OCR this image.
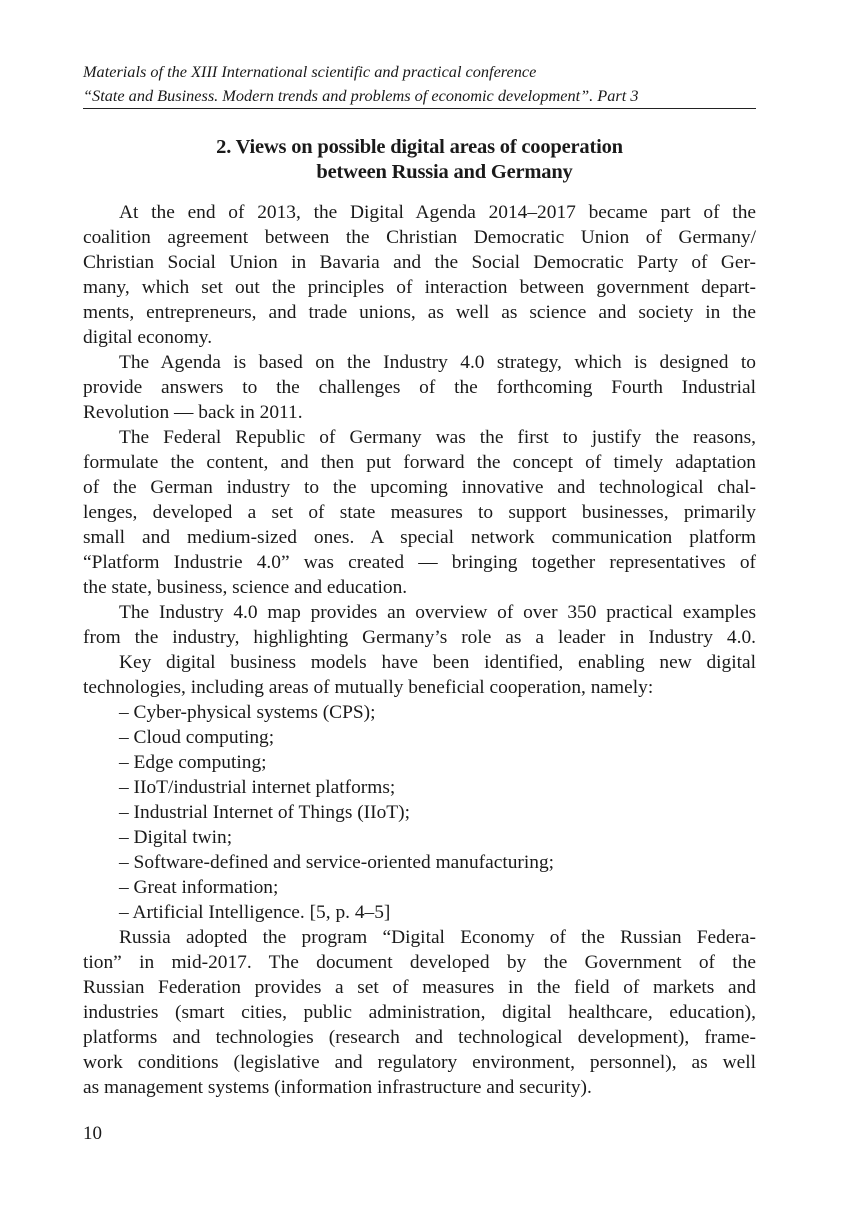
Materials of the XIII International scientific and practical conference
“State and Business. Modern trends and problems of economic development”. Part 3
2. Views on possible digital areas of cooperation
between Russia and Germany
At the end of 2013, the Digital Agenda 2014–2017 became part of the
coalition agreement between the Christian Democratic Union of Germany/
Christian Social Union in Bavaria and the Social Democratic Party of Ger-
many, which set out the principles of interaction between government depart-
ments, entrepreneurs, and trade unions, as well as science and society in the
digital economy.
The Agenda is based on the Industry 4.0 strategy, which is designed to
provide answers to the challenges of the forthcoming Fourth Industrial
Revolution — back in 2011.
The Federal Republic of Germany was the first to justify the reasons,
formulate the content, and then put forward the concept of timely adaptation
of the German industry to the upcoming innovative and technological chal-
lenges, developed a set of state measures to support businesses, primarily
small and medium-sized ones. A special network communication platform
“Platform Industrie 4.0” was created — bringing together representatives of
the state, business, science and education.
The Industry 4.0 map provides an overview of over 350 practical examples
from the industry, highlighting Germany’s role as a leader in Industry 4.0.
Key digital business models have been identified, enabling new digital
technologies, including areas of mutually beneficial cooperation, namely:
– Cyber-physical systems (CPS);
– Cloud computing;
– Edge computing;
– IIoT/industrial internet platforms;
– Industrial Internet of Things (IIoT);
– Digital twin;
– Software-defined and service-oriented manufacturing;
– Great information;
– Artificial Intelligence. [5, p. 4–5]
Russia adopted the program “Digital Economy of the Russian Federa-
tion” in mid-2017. The document developed by the Government of the
Russian Federation provides a set of measures in the field of markets and
industries (smart cities, public administration, digital healthcare, education),
platforms and technologies (research and technological development), frame-
work conditions (legislative and regulatory environment, personnel), as well
as management systems (information infrastructure and security).
10
